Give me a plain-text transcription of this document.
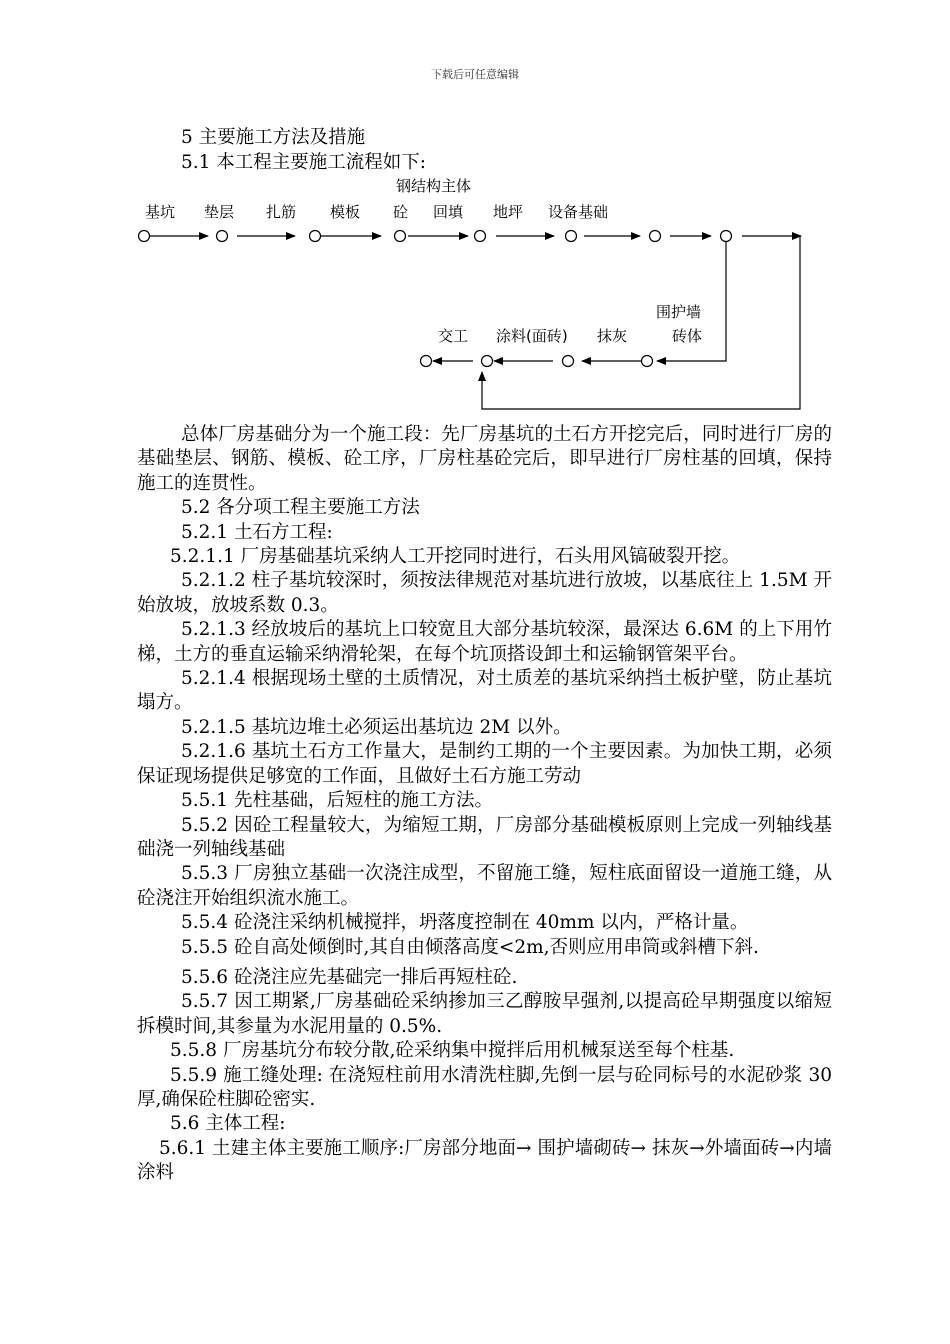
下载后可任意编辑
基坑 垫层 扎筋 模板
钢结构主体
砼 回填 地坪 设备基础
围护墙
砖体
抹灰
涂料(面砖)
交工
5 主要施工方法及措施
5.1 本工程主要施工流程如下:

总体厂房基础分为一个施工段：先厂房基坑的土石方开挖完后，同时进行厂房的基础垫层、钢筋、模板、砼工序，厂房柱基砼完后，即早进行厂房柱基的回填，保持施工的连贯性。

5.2 各分项工程主要施工方法

5.2.1 土石方工程:

5.2.1.1 厂房基础基坑采纳人工开挖同时进行，石头用风镐破裂开挖。

5.2.1.2 柱子基坑较深时，须按法律规范对基坑进行放坡，以基底往上 1.5M 开始放坡，放坡系数 0.3。

5.2.1.3 经放坡后的基坑上口较宽且大部分基坑较深，最深达 6.6M 的上下用竹梯，土方的垂直运输采纳滑轮架，在每个坑顶搭设卸土和运输钢管架平台。

5.2.1.4 根据现场土壁的土质情况，对土质差的基坑采纳挡土板护壁，防止基坑塌方。

5.2.1.5 基坑边堆土必须运出基坑边 2M 以外。

5.2.1.6 基坑土石方工作量大，是制约工期的一个主要因素。为加快工期，必须保证现场提供足够宽的工作面，且做好土石方施工劳动

5.5.1 先柱基础，后短柱的施工方法。

5.5.2 因砼工程量较大，为缩短工期，厂房部分基础模板原则上完成一列轴线基础浇一列轴线基础

5.5.3 厂房独立基础一次浇注成型，不留施工缝，短柱底面留设一道施工缝，从砼浇注开始组织流水施工。

5.5.4 砼浇注采纳机械搅拌，坍落度控制在 40mm 以内，严格计量。

5.5.5 砼自高处倾倒时,其自由倾落高度<2m,否则应用串筒或斜槽下斜.

5.5.6 砼浇注应先基础完一排后再短柱砼.

5.5.7 因工期紧,厂房基础砼采纳掺加三乙醇胺早强剂,以提高砼早期强度以缩短拆模时间,其参量为水泥用量的 0.5%.

5.5.8 厂房基坑分布较分散,砼采纳集中搅拌后用机械泵送至每个柱基.

5.5.9 施工缝处理: 在浇短柱前用水清洗柱脚,先倒一层与砼同标号的水泥砂浆 30 厚,确保砼柱脚砼密实.

5.6 主体工程:

5.6.1 土建主体主要施工顺序:厂房部分地面→ 围护墙砌砖→ 抹灰→外墙面砖→内墙涂料
